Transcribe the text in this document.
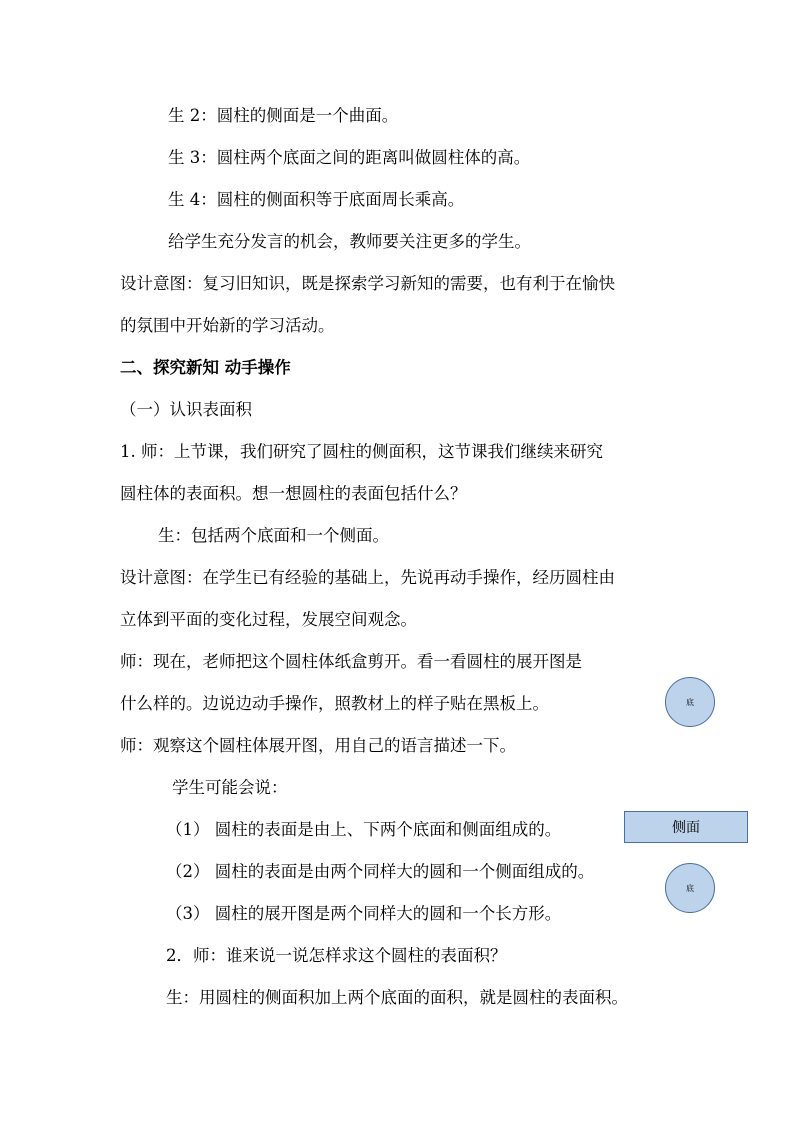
生 2：圆柱的侧面是一个曲面。
生 3：圆柱两个底面之间的距离叫做圆柱体的高。
生 4：圆柱的侧面积等于底面周长乘高。
给学生充分发言的机会，教师要关注更多的学生。
设计意图：复习旧知识，既是探索学习新知的需要，也有利于在愉快
的氛围中开始新的学习活动。
二、探究新知 动手操作
（一）认识表面积
1. 师：上节课，我们研究了圆柱的侧面积，这节课我们继续来研究
圆柱体的表面积。想一想圆柱的表面包括什么？
生：包括两个底面和一个侧面。
设计意图：在学生已有经验的基础上，先说再动手操作，经历圆柱由
立体到平面的变化过程，发展空间观念。
师：现在，老师把这个圆柱体纸盒剪开。看一看圆柱的展开图是
什么样的。边说边动手操作，照教材上的样子贴在黑板上。
师：观察这个圆柱体展开图，用自己的语言描述一下。
学生可能会说：
（1） 圆柱的表面是由上、下两个底面和侧面组成的。
（2） 圆柱的表面是由两个同样大的圆和一个侧面组成的。
（3） 圆柱的展开图是两个同样大的圆和一个长方形。
2．师：谁来说一说怎样求这个圆柱的表面积？
生：用圆柱的侧面积加上两个底面的面积，就是圆柱的表面积。
底
侧面
底
